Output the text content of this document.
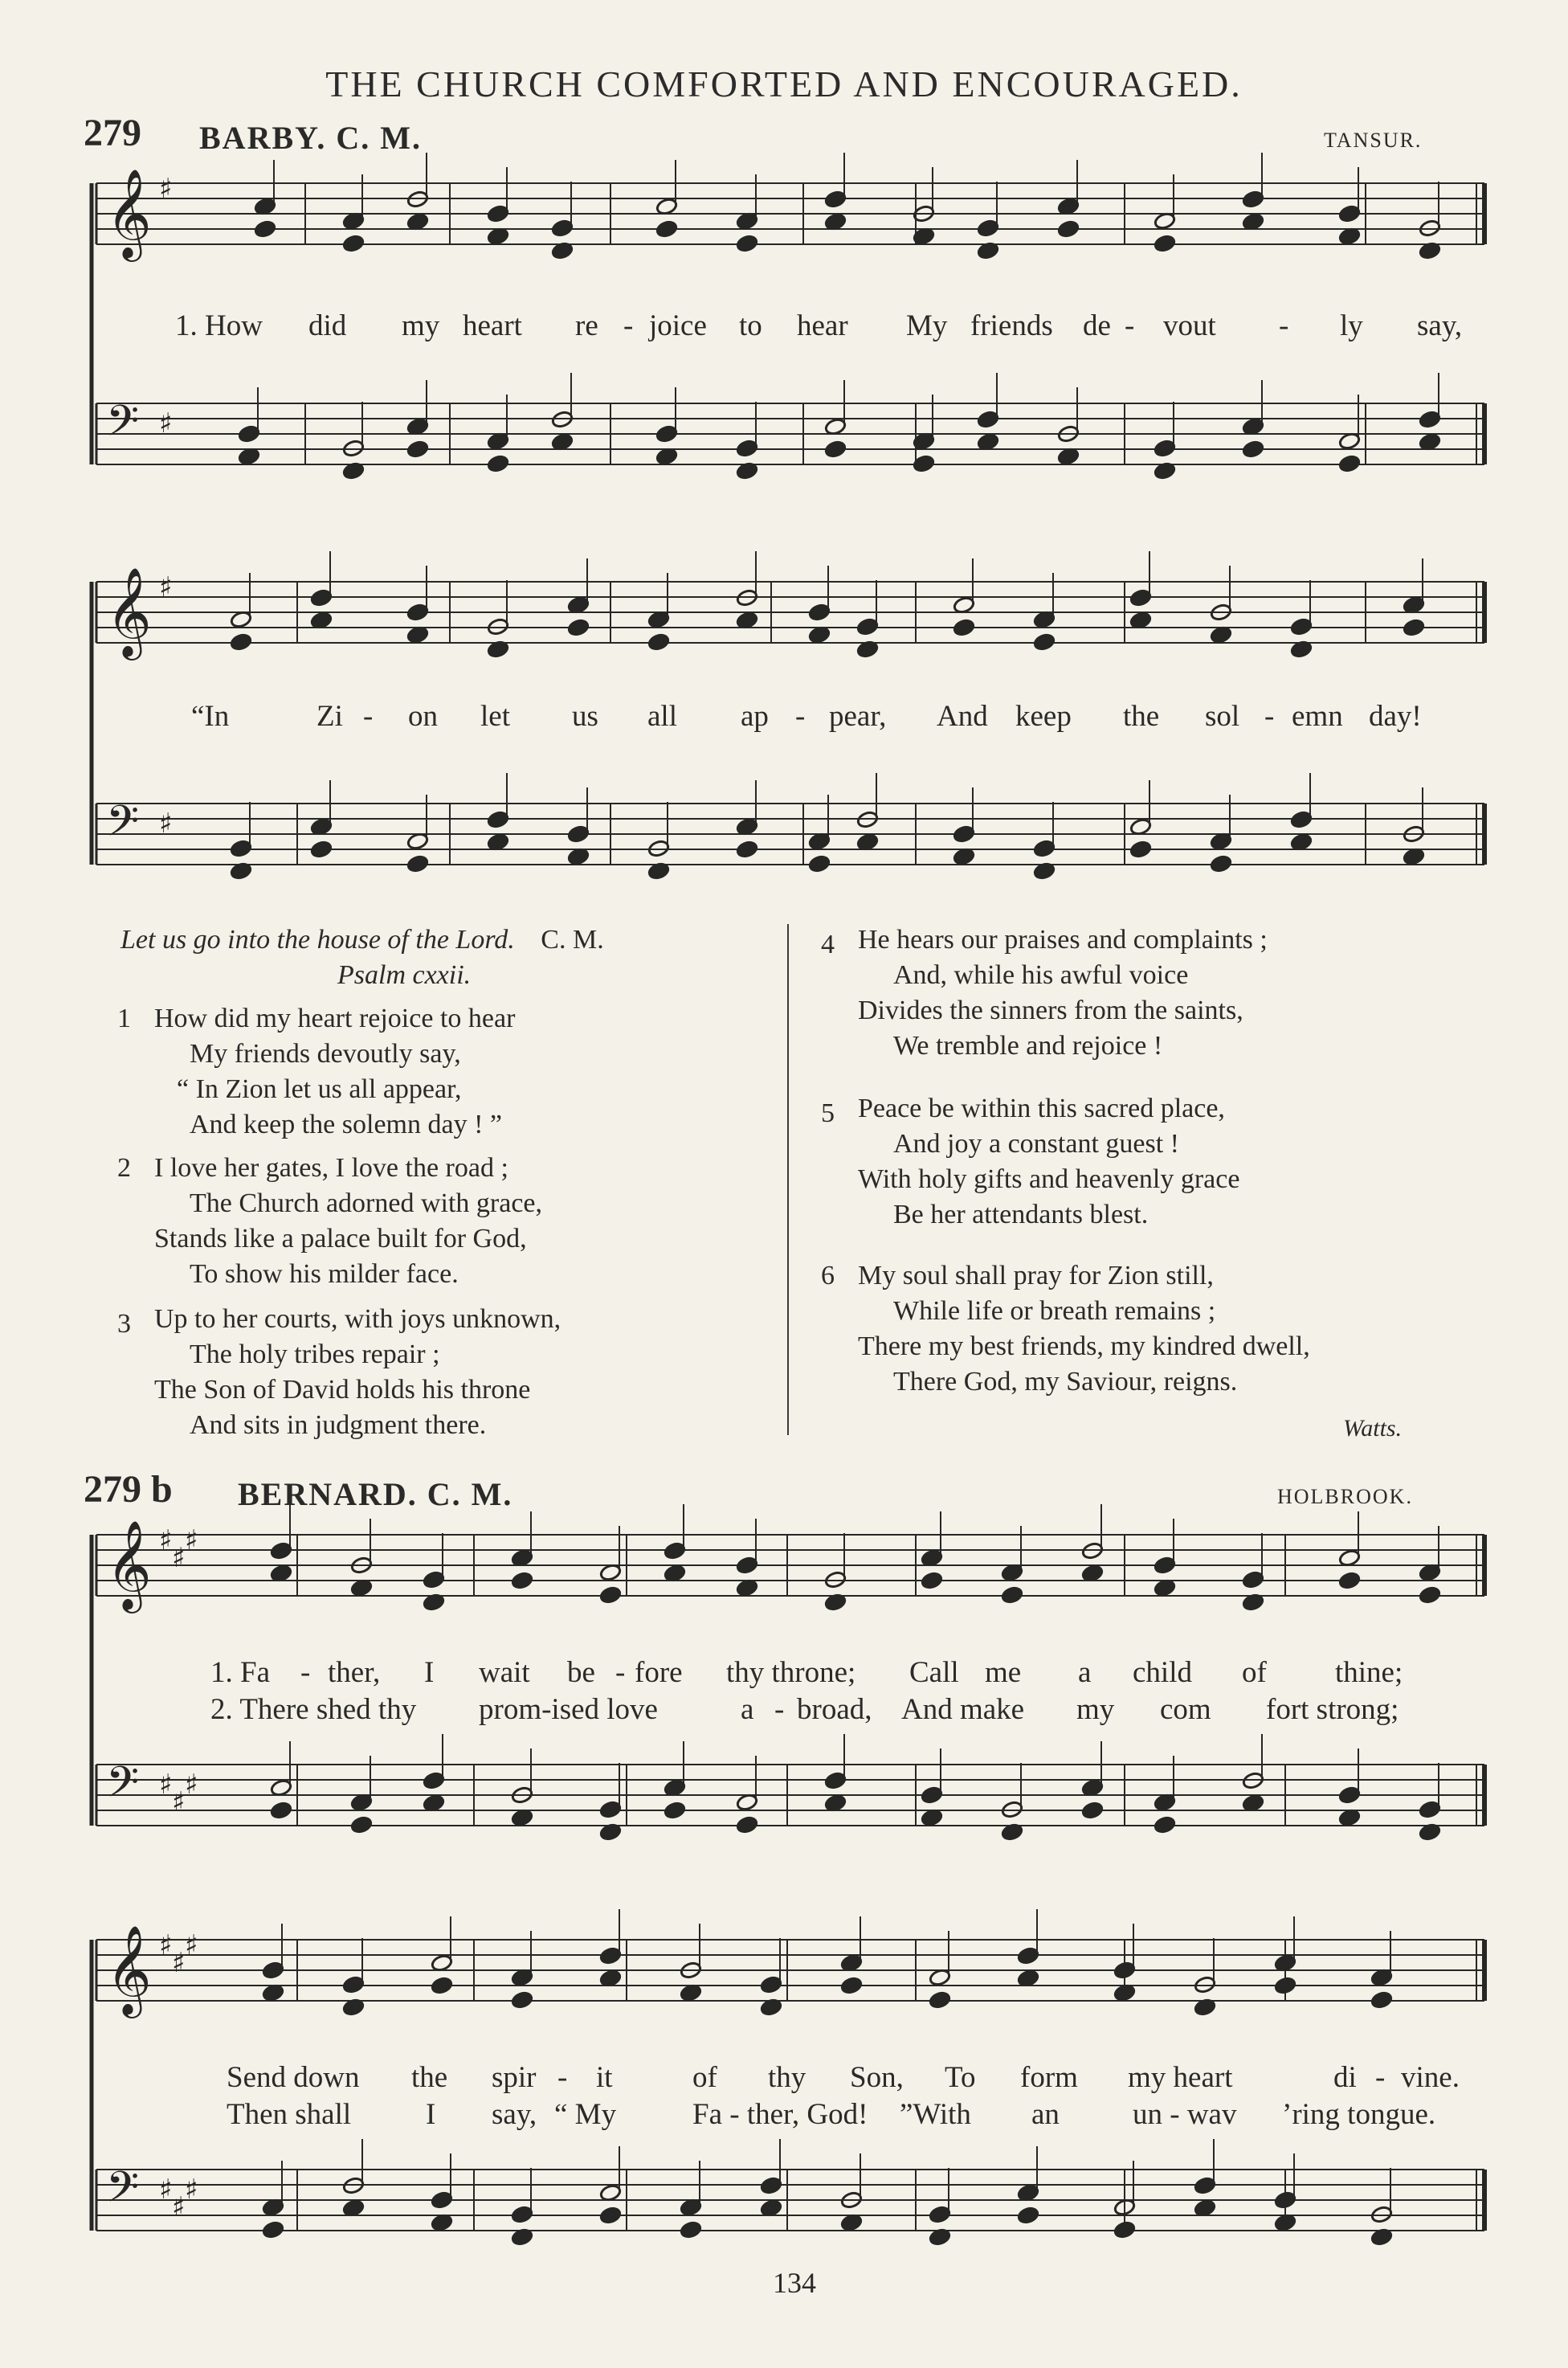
THE CHURCH COMFORTED AND ENCOURAGED.
279 BARBY. C. M.	TANSUR.
𝄞 ♯
𝄢 ♯
𝄞 ♯
𝄢 ♯
𝄞 ♯
♯
♯
𝄢 ♯
♯
♯
𝄞 ♯
♯
♯
𝄢 ♯
♯
♯
1. How did my heart re - joice to hear My friends de - vout - ly say,
“In	Zi - on let us all ap - pear, And keep the sol - emn day!
Let us go into the house of the Lord. C. M.
Psalm cxxii.
1 How did my heart rejoice to hear
My friends devoutly say,
“ In Zion let us all appear,
And keep the solemn day ! ”
2 I love her gates, I love the road ;
The Church adorned with grace,
Stands like a palace built for God,
To show his milder face.
3 Up to her courts, with joys unknown,
The holy tribes repair ;
The Son of David holds his throne
And sits in judgment there.
4 He hears our praises and complaints ;
And, while his awful voice
Divides the sinners from the saints,
We tremble and rejoice !
5 Peace be within this sacred place,
And joy a constant guest !
With holy gifts and heavenly grace
Be her attendants blest.
6 My soul shall pray for Zion still,
While life or breath remains ;
There my best friends, my kindred dwell,
There God, my Saviour, reigns.
Watts.
279 b BERNARD. C. M.	HOLBROOK.
1. Fa - ther, I wait be - fore thy throne; Call me a child of thine;
2. There shed thy prom-ised love	a - broad, And make my com fort strong;
Send down the spir - it	of thy Son, To form my heart	di - vine.
Then shall	I say, “ My	Fa - ther, God! ”With an un - wav ’ring tongue.
134
